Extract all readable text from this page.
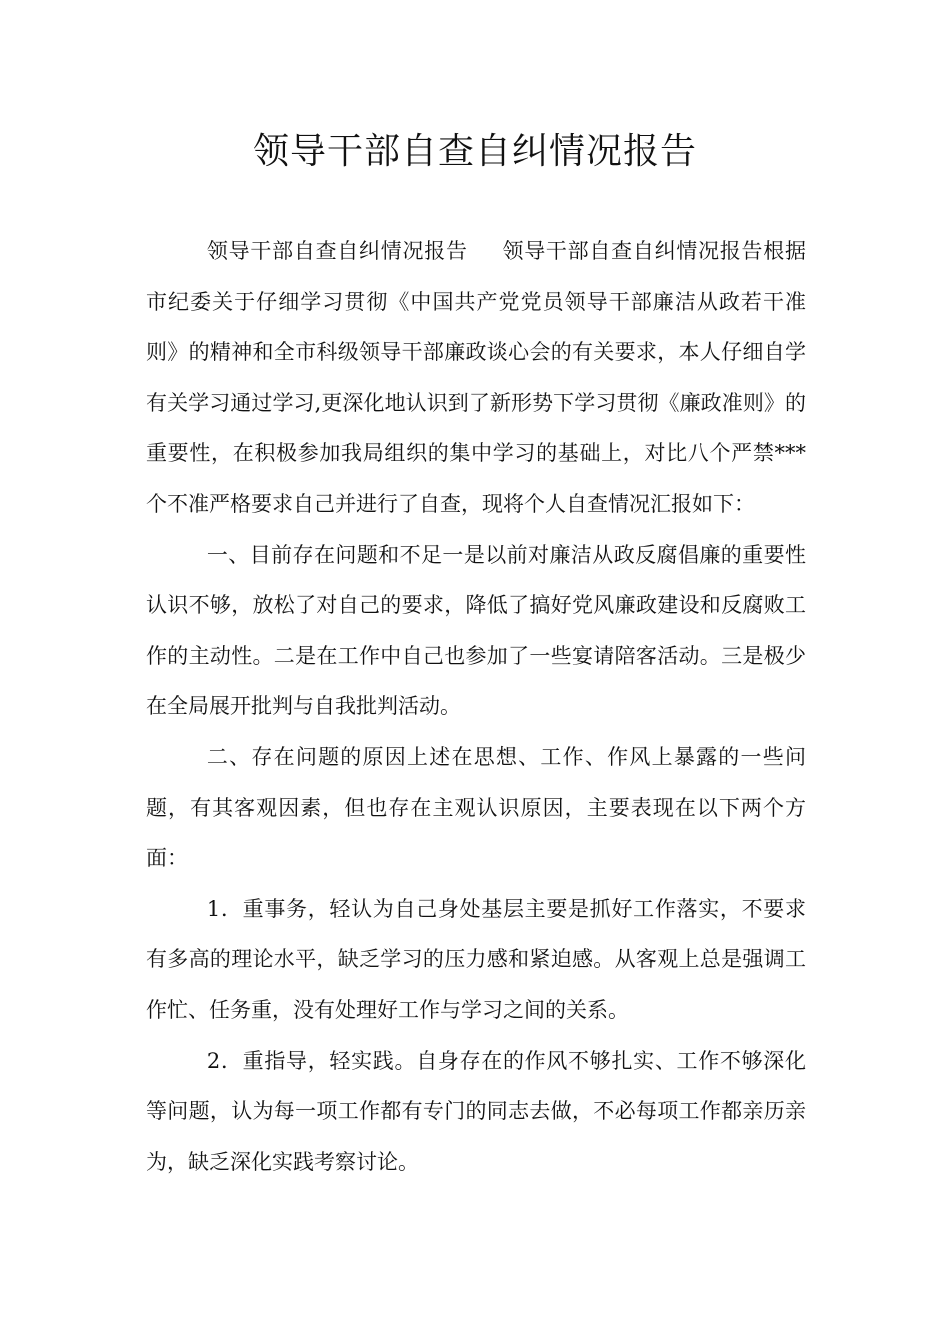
领导干部自查自纠情况报告

领导干部自查自纠情况报告 领导干部自查自纠情况报告根据市纪委关于仔细学习贯彻《中国共产党党员领导干部廉洁从政若干准则》的精神和全市科级领导干部廉政谈心会的有关要求，本人仔细自学有关学习通过学习,更深化地认识到了新形势下学习贯彻《廉政准则》的重要性，在积极参加我局组织的集中学习的基础上，对比八个严禁***个不准严格要求自己并进行了自查，现将个人自查情况汇报如下：

一、目前存在问题和不足一是以前对廉洁从政反腐倡廉的重要性认识不够，放松了对自己的要求，降低了搞好党风廉政建设和反腐败工作的主动性。二是在工作中自己也参加了一些宴请陪客活动。三是极少在全局展开批判与自我批判活动。

二、存在问题的原因上述在思想、工作、作风上暴露的一些问题，有其客观因素，但也存在主观认识原因，主要表现在以下两个方面：

1．重事务，轻认为自己身处基层主要是抓好工作落实，不要求有多高的理论水平，缺乏学习的压力感和紧迫感。从客观上总是强调工作忙、任务重，没有处理好工作与学习之间的关系。

2．重指导，轻实践。自身存在的作风不够扎实、工作不够深化等问题，认为每一项工作都有专门的同志去做，不必每项工作都亲历亲为，缺乏深化实践考察讨论。
